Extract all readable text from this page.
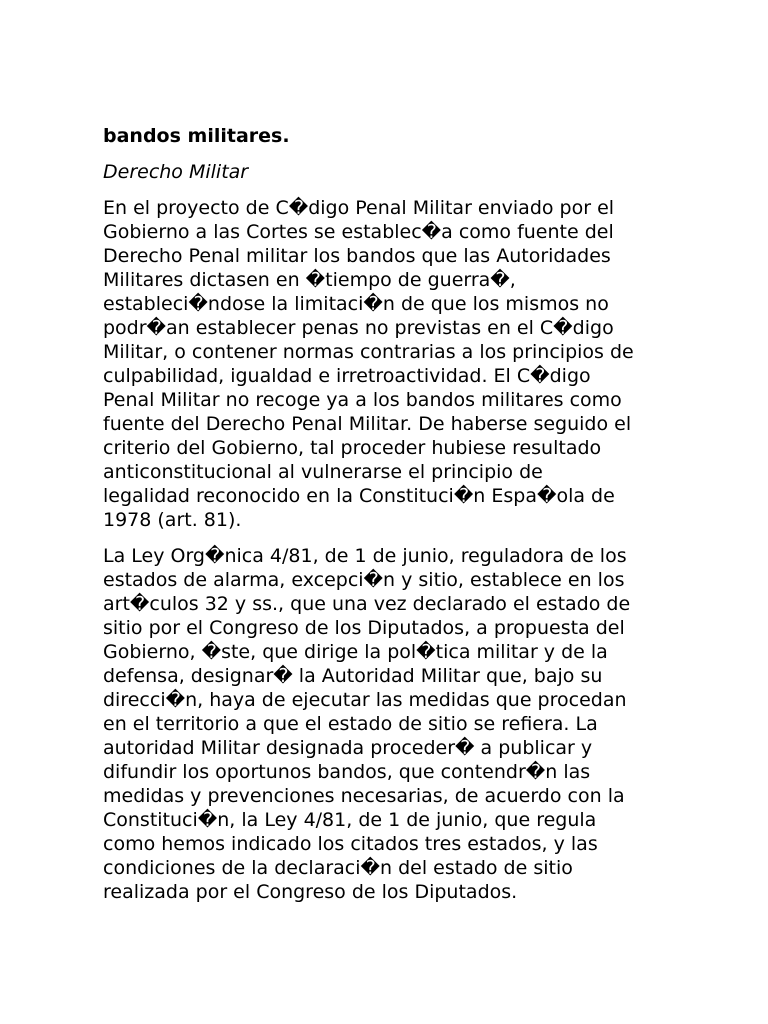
bandos militares.
Derecho Militar
En el proyecto de C�digo Penal Militar enviado por el
Gobierno a las Cortes se establec�a como fuente del
Derecho Penal militar los bandos que las Autoridades
Militares dictasen en �tiempo de guerra�,
estableci�ndose la limitaci�n de que los mismos no
podr�an establecer penas no previstas en el C�digo
Militar, o contener normas contrarias a los principios de
culpabilidad, igualdad e irretroactividad. El C�digo
Penal Militar no recoge ya a los bandos militares como
fuente del Derecho Penal Militar. De haberse seguido el
criterio del Gobierno, tal proceder hubiese resultado
anticonstitucional al vulnerarse el principio de
legalidad reconocido en la Constituci�n Espa�ola de
1978 (art. 81).
La Ley Org�nica 4/81, de 1 de junio, reguladora de los
estados de alarma, excepci�n y sitio, establece en los
art�culos 32 y ss., que una vez declarado el estado de
sitio por el Congreso de los Diputados, a propuesta del
Gobierno, �ste, que dirige la pol�tica militar y de la
defensa, designar� la Autoridad Militar que, bajo su
direcci�n, haya de ejecutar las medidas que procedan
en el territorio a que el estado de sitio se refiera. La
autoridad Militar designada proceder� a publicar y
difundir los oportunos bandos, que contendr�n las
medidas y prevenciones necesarias, de acuerdo con la
Constituci�n, la Ley 4/81, de 1 de junio, que regula
como hemos indicado los citados tres estados, y las
condiciones de la declaraci�n del estado de sitio
realizada por el Congreso de los Diputados.
